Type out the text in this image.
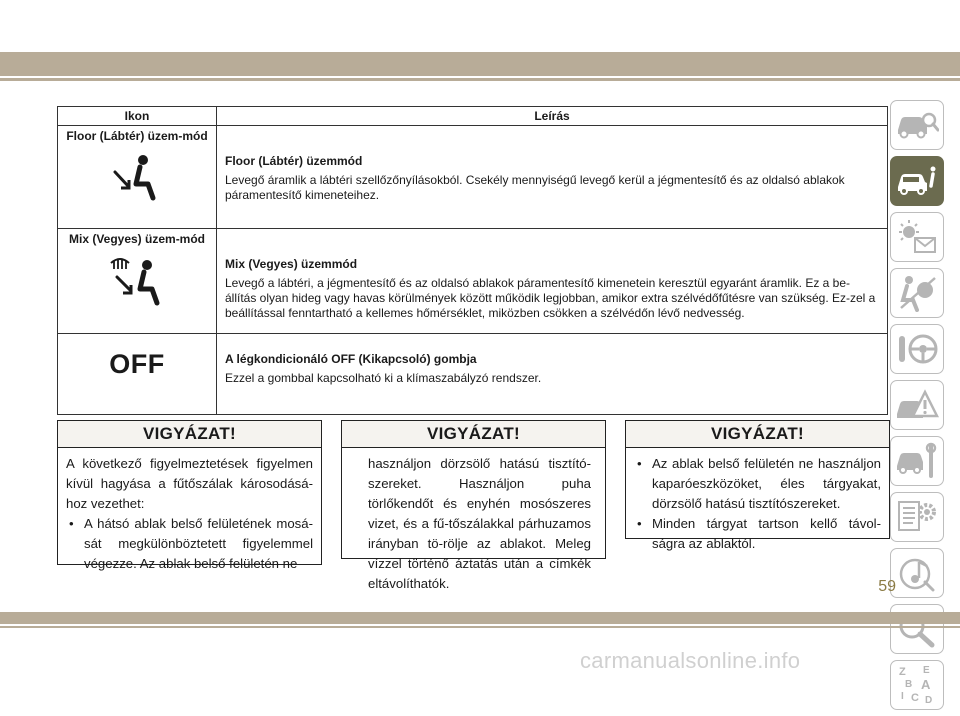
Ikon	Leírás

Floor (Lábtér) üzem-mód	Floor (Lábtér) üzemmód
Levegő áramlik a lábtéri szellőzőnyílásokból. Csekély mennyiségű levegő kerül a jégmentesítő és az oldalsó ablakok páramentesítő kimeneteihez.

Mix (Vegyes) üzem-mód	Mix (Vegyes) üzemmód
Levegő a lábtéri, a jégmentesítő és az oldalsó ablakok páramentesítő kimenetein keresztül egyaránt áramlik. Ez a be-állítás olyan hideg vagy havas körülmények között működik legjobban, amikor extra szélvédőfűtésre van szükség. Ez-zel a beállítással fenntartható a kellemes hőmérséklet, miközben csökken a szélvédőn lévő nedvesség.

OFF	A légkondicionáló OFF (Kikapcsoló) gombja
Ezzel a gombbal kapcsolható ki a klímaszabályzó rendszer.
VIGYÁZAT!
A következő figyelmeztetések figyelmen kívül hagyása a fűtőszálak károsodásá-hoz vezethet:
• A hátsó ablak belső felületének mosá-sát megkülönböztetett figyelemmel végezze. Az ablak belső felületén ne
VIGYÁZAT!
használjon dörzsölő hatású tisztító-szereket. Használjon puha törlőkendőt és enyhén mosószeres vizet, és a fű-tőszálakkal párhuzamos irányban tö-rölje az ablakot. Meleg vízzel történő áztatás után a címkék eltávolíthatók.
VIGYÁZAT!
• Az ablak belső felületén ne használjon kaparóeszközöket, éles tárgyakat, dörzsölő hatású tisztítószereket.
• Minden tárgyat tartson kellő távol-ságra az ablaktól.
Z E
B A
I C D
59
carmanualsonline.info
